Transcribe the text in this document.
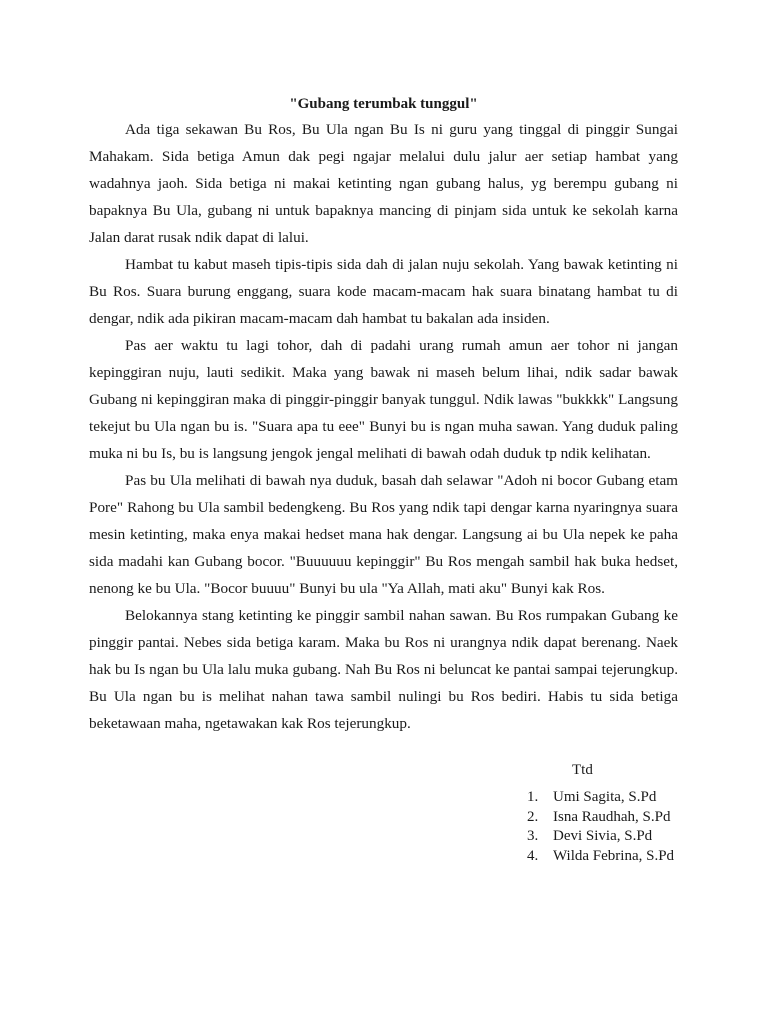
"Gubang terumbak tunggul"

Ada tiga sekawan Bu Ros, Bu Ula ngan Bu Is ni guru yang tinggal di pinggir Sungai Mahakam. Sida betiga Amun dak pegi ngajar melalui dulu jalur aer setiap hambat yang wadahnya jaoh. Sida betiga ni makai ketinting ngan gubang halus, yg berempu gubang ni bapaknya Bu Ula, gubang ni untuk bapaknya mancing di pinjam sida untuk ke sekolah karna Jalan darat rusak ndik dapat di lalui.

Hambat tu kabut maseh tipis-tipis sida dah di jalan nuju sekolah. Yang bawak ketinting ni Bu Ros. Suara burung enggang, suara kode macam-macam hak suara binatang hambat tu di dengar, ndik ada pikiran macam-macam dah hambat tu bakalan ada insiden.

Pas aer waktu tu lagi tohor, dah di padahi urang rumah amun aer tohor ni jangan kepinggiran nuju, lauti sedikit. Maka yang bawak ni maseh belum lihai, ndik sadar bawak Gubang ni kepinggiran maka di pinggir-pinggir banyak tunggul. Ndik lawas "bukkkk" Langsung tekejut bu Ula ngan bu is. "Suara apa tu eee" Bunyi bu is ngan muha sawan. Yang duduk paling muka ni bu Is, bu is langsung jengok jengal melihati di bawah odah duduk tp ndik kelihatan.

Pas bu Ula melihati di bawah nya duduk, basah dah selawar "Adoh ni bocor Gubang etam Pore" Rahong bu Ula sambil bedengkeng. Bu Ros yang ndik tapi dengar karna nyaringnya suara mesin ketinting, maka enya makai hedset mana hak dengar. Langsung ai bu Ula nepek ke paha sida madahi kan Gubang bocor. "Buuuuuu kepinggir" Bu Ros mengah sambil hak buka hedset, nenong ke bu Ula. "Bocor buuuu" Bunyi bu ula "Ya Allah, mati aku" Bunyi kak Ros.

Belokannya stang ketinting ke pinggir sambil nahan sawan. Bu Ros rumpakan Gubang ke pinggir pantai. Nebes sida betiga karam. Maka bu Ros ni urangnya ndik dapat berenang. Naek hak bu Is ngan bu Ula lalu muka gubang. Nah Bu Ros ni beluncat ke pantai sampai tejerungkup. Bu Ula ngan bu is melihat nahan tawa sambil nulingi bu Ros bediri. Habis tu sida betiga beketawaan maha, ngetawakan kak Ros tejerungkup.

Ttd
1. Umi Sagita, S.Pd
2. Isna Raudhah, S.Pd
3. Devi Sivia, S.Pd
4. Wilda Febrina, S.Pd
